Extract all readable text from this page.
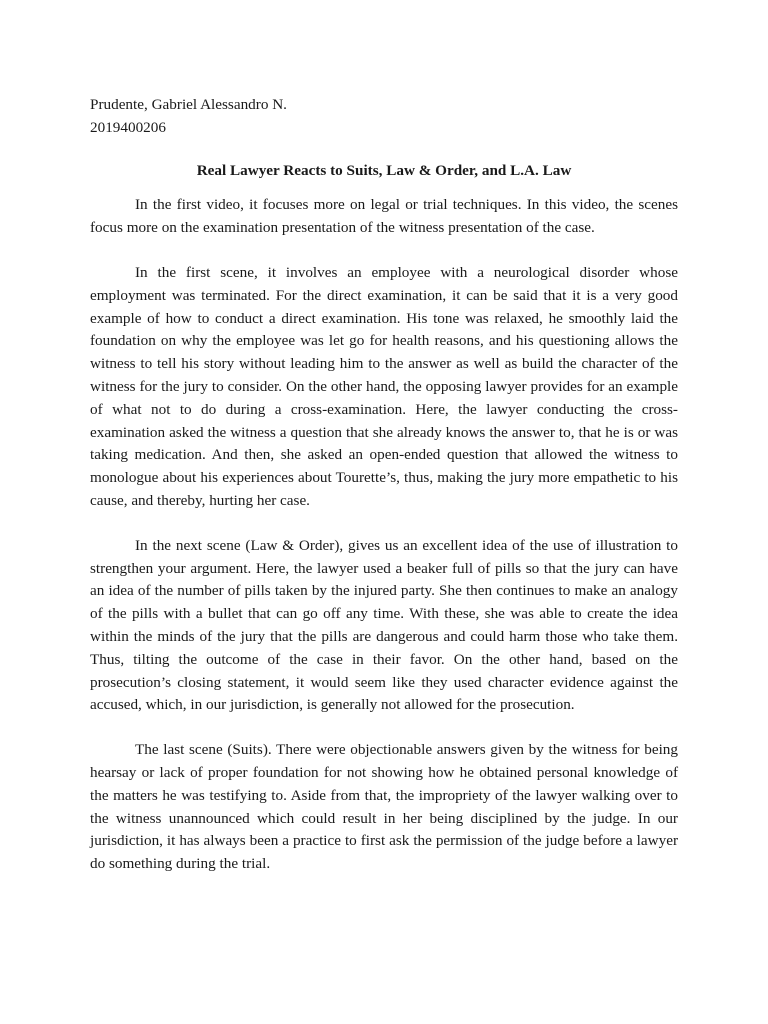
Prudente, Gabriel Alessandro N.
2019400206
Real Lawyer Reacts to Suits, Law & Order, and L.A. Law

In the first video, it focuses more on legal or trial techniques. In this video, the scenes focus more on the examination presentation of the witness presentation of the case.

In the first scene, it involves an employee with a neurological disorder whose employment was terminated. For the direct examination, it can be said that it is a very good example of how to conduct a direct examination. His tone was relaxed, he smoothly laid the foundation on why the employee was let go for health reasons, and his questioning allows the witness to tell his story without leading him to the answer as well as build the character of the witness for the jury to consider. On the other hand, the opposing lawyer provides for an example of what not to do during a cross-examination. Here, the lawyer conducting the cross-examination asked the witness a question that she already knows the answer to, that he is or was taking medication. And then, she asked an open-ended question that allowed the witness to monologue about his experiences about Tourette’s, thus, making the jury more empathetic to his cause, and thereby, hurting her case.

In the next scene (Law & Order), gives us an excellent idea of the use of illustration to strengthen your argument. Here, the lawyer used a beaker full of pills so that the jury can have an idea of the number of pills taken by the injured party. She then continues to make an analogy of the pills with a bullet that can go off any time. With these, she was able to create the idea within the minds of the jury that the pills are dangerous and could harm those who take them. Thus, tilting the outcome of the case in their favor. On the other hand, based on the prosecution’s closing statement, it would seem like they used character evidence against the accused, which, in our jurisdiction, is generally not allowed for the prosecution.

The last scene (Suits). There were objectionable answers given by the witness for being hearsay or lack of proper foundation for not showing how he obtained personal knowledge of the matters he was testifying to. Aside from that, the impropriety of the lawyer walking over to the witness unannounced which could result in her being disciplined by the judge. In our jurisdiction, it has always been a practice to first ask the permission of the judge before a lawyer do something during the trial.
